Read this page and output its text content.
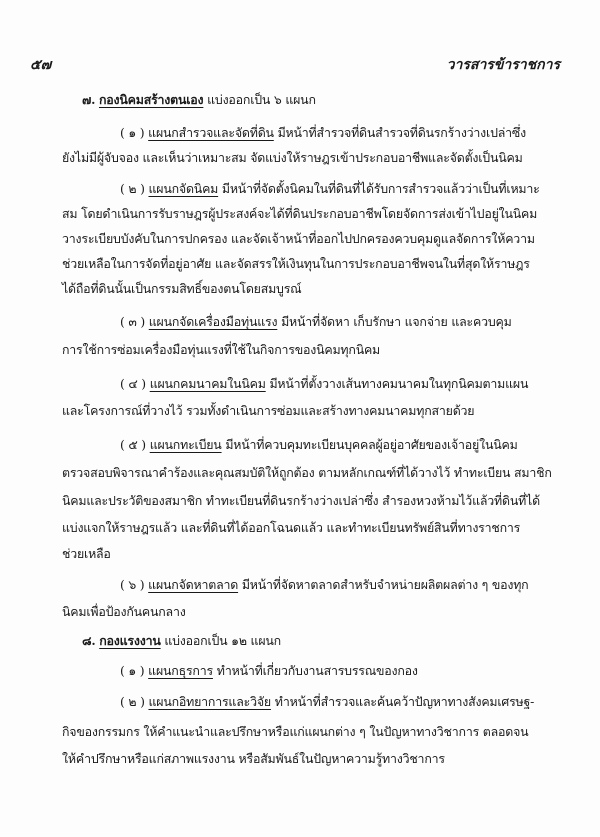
๕๗	วารสารข้าราชการ
๗. กองนิคมสร้างตนเอง แบ่งออกเป็น ๖ แผนก
( ๑ ) แผนกสำรวจและจัดที่ดิน มีหน้าที่สำรวจที่ดินสำรวจที่ดินรกร้างว่างเปล่าซึ่ง
ยังไม่มีผู้จับจอง และเห็นว่าเหมาะสม จัดแบ่งให้ราษฎรเข้าประกอบอาชีพและจัดตั้งเป็นนิคม
( ๒ ) แผนกจัดนิคม มีหน้าที่จัดตั้งนิคมในที่ดินที่ได้รับการสำรวจแล้วว่าเป็นที่เหมาะ
สม โดยดำเนินการรับราษฎรผู้ประสงค์จะได้ที่ดินประกอบอาชีพโดยจัดการส่งเข้าไปอยู่ในนิคม
วางระเบียบบังคับในการปกครอง และจัดเจ้าหน้าที่ออกไปปกครองควบคุมดูแลจัดการให้ความ
ช่วยเหลือในการจัดที่อยู่อาศัย และจัดสรรให้เงินทุนในการประกอบอาชีพจนในที่สุดให้ราษฎร
ได้ถือที่ดินนั้นเป็นกรรมสิทธิ์ของตนโดยสมบูรณ์
( ๓ ) แผนกจัดเครื่องมือทุ่นแรง มีหน้าที่จัดหา เก็บรักษา แจกจ่าย และควบคุม
การใช้การซ่อมเครื่องมือทุ่นแรงที่ใช้ในกิจการของนิคมทุกนิคม
( ๔ ) แผนกคมนาคมในนิคม มีหน้าที่ตั้งวางเส้นทางคมนาคมในทุกนิคมตามแผน
และโครงการณ์ที่วางไว้ รวมทั้งดำเนินการซ่อมและสร้างทางคมนาคมทุกสายด้วย
( ๕ ) แผนกทะเบียน มีหน้าที่ควบคุมทะเบียนบุคคลผู้อยู่อาศัยของเจ้าอยู่ในนิคม
ตรวจสอบพิจารณาคำร้องและคุณสมบัติให้ถูกต้อง ตามหลักเกณฑ์ที่ได้วางไว้ ทำทะเบียน สมาชิก
นิคมและประวัติของสมาชิก ทำทะเบียนที่ดินรกร้างว่างเปล่าซึ่ง สำรองหวงห้ามไว้แล้วที่ดินที่ได้
แบ่งแจกให้ราษฎรแล้ว และที่ดินที่ได้ออกโฉนดแล้ว และทำทะเบียนทรัพย์สินที่ทางราชการ
ช่วยเหลือ
( ๖ ) แผนกจัดหาตลาด มีหน้าที่จัดหาตลาดสำหรับจำหน่ายผลิตผลต่าง ๆ ของทุก
นิคมเพื่อป้องกันคนกลาง
๘. กองแรงงาน แบ่งออกเป็น ๑๒ แผนก
( ๑ ) แผนกธุรการ ทำหน้าที่เกี่ยวกับงานสารบรรณของกอง
( ๒ ) แผนกอิทยาการและวิจัย ทำหน้าที่สำรวจและค้นคว้าปัญหาทางสังคมเศรษฐ-
กิจของกรรมกร ให้คำแนะนำและปรึกษาหรือแก่แผนกต่าง ๆ ในปัญหาทางวิชาการ ตลอดจน
ให้คำปรึกษาหรือแก่สภาพแรงงาน หรือสัมพันธ์ในปัญหาความรู้ทางวิชาการ
